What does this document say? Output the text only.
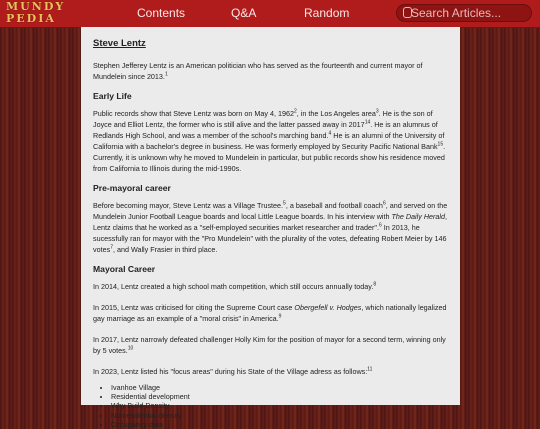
MUNDY
PEDIA	Contents	Q&A	Random
Search Articles...
Steve Lentz

Stephen Jefferey Lentz is an American politician who has served as the fourteenth and current mayor of Mundelein since 2013.$^1$

Early Life

Public records show that Steve Lentz was born on May 4, 1962$^2$, in the Los Angeles area$^3$. He is the son of Joyce and Elliot Lentz, the former who is still alive and the latter passed away in 2017$^{14}$. He is an alumnus of Redlands High School, and was a member of the school's marching band.$^4$ He is an alumni of the University of California with a bachelor's degree in business. He was formerly employed by Security Pacific National Bank$^{15}$. Currently, it is unknown why he moved to Mundelein in particular, but public records show his residence moved from California to Illinois during the mid-1990s.

Pre-mayoral career

Before becoming mayor, Steve Lentz was a Village Trustee.$^5$, a baseball and football coach$^6$, and served on the Mundelein Junior Football League boards and local Little League boards. In his interview with The Daily Herald, Lentz claims that he worked as a "self-employed securities market researcher and trader".$^6$ In 2013, he sucessfully ran for mayor with the "Pro Mundelein" with the plurality of the votes, defeating Robert Meier by 146 votes$^7$, and Wally Frasier in third place.

Mayoral Career

In 2014, Lentz created a high school math competition, which still occurs annually today.$^8$

In 2015, Lentz was criticised for citing the Supreme Court case Obergefell v. Hodges, which nationally legalized gay marriage as an example of a "moral crisis" in America.$^9$

In 2017, Lentz narrowly defeated challenger Holly Kim for the position of mayor for a second term, winning only by 5 votes.$^{10}$

In 2023, Lentz listed his "focus areas" during his State of the Village adress as follows:$^{11}$

• Ivanhoe Village
• Residential development
• Why Build Density
• Nonresidential density
• Occupancy data
